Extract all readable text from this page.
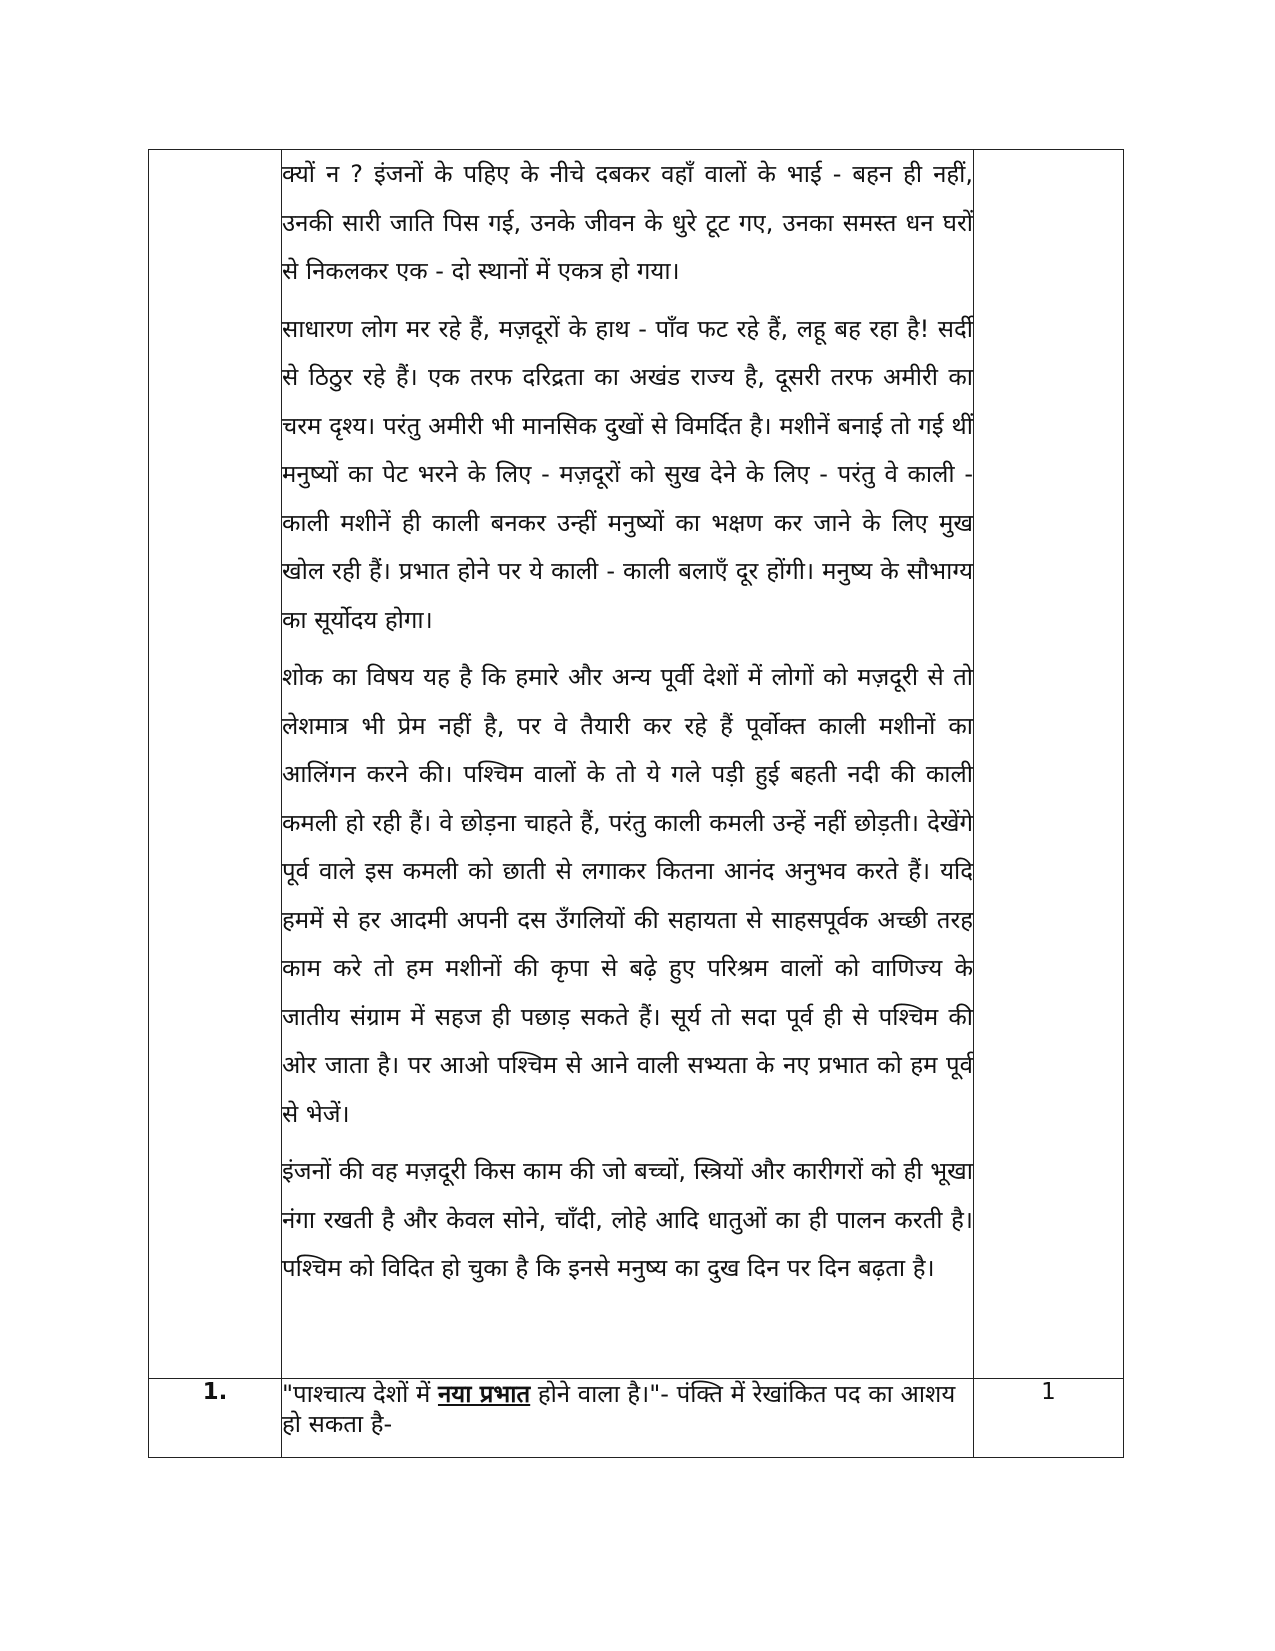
	क्यों न ? इंजनों के पहिए के नीचे दबकर वहाँ वालों के भाई - बहन ही नहीं, उनकी सारी जाति पिस गई, उनके जीवन के धुरे टूट गए, उनका समस्त धन घरों से निकलकर एक - दो स्थानों में एकत्र हो गया।

साधारण लोग मर रहे हैं, मज़दूरों के हाथ - पाँव फट रहे हैं, लहू बह रहा है! सर्दी से ठिठुर रहे हैं। एक तरफ दरिद्रता का अखंड राज्य है, दूसरी तरफ अमीरी का चरम दृश्य। परंतु अमीरी भी मानसिक दुखों से विमर्दित है। मशीनें बनाई तो गई थीं मनुष्यों का पेट भरने के लिए - मज़दूरों को सुख देने के लिए - परंतु वे काली - काली मशीनें ही काली बनकर उन्हीं मनुष्यों का भक्षण कर जाने के लिए मुख खोल रही हैं। प्रभात होने पर ये काली - काली बलाएँ दूर होंगी। मनुष्य के सौभाग्य का सूर्योदय होगा।

शोक का विषय यह है कि हमारे और अन्य पूर्वी देशों में लोगों को मज़दूरी से तो लेशमात्र भी प्रेम नहीं है, पर वे तैयारी कर रहे हैं पूर्वोक्त काली मशीनों का आलिंगन करने की। पश्चिम वालों के तो ये गले पड़ी हुई बहती नदी की काली कमली हो रही हैं। वे छोड़ना चाहते हैं, परंतु काली कमली उन्हें नहीं छोड़ती। देखेंगे पूर्व वाले इस कमली को छाती से लगाकर कितना आनंद अनुभव करते हैं। यदि हममें से हर आदमी अपनी दस उँगलियों की सहायता से साहसपूर्वक अच्छी तरह काम करे तो हम मशीनों की कृपा से बढ़े हुए परिश्रम वालों को वाणिज्य के जातीय संग्राम में सहज ही पछाड़ सकते हैं। सूर्य तो सदा पूर्व ही से पश्चिम की ओर जाता है। पर आओ पश्चिम से आने वाली सभ्यता के नए प्रभात को हम पूर्व से भेजें।

इंजनों की वह मज़दूरी किस काम की जो बच्चों, स्त्रियों और कारीगरों को ही भूखा नंगा रखती है और केवल सोने, चाँदी, लोहे आदि धातुओं का ही पालन करती है। पश्चिम को विदित हो चुका है कि इनसे मनुष्य का दुख दिन पर दिन बढ़ता है।	

1.	"पाश्चात्य देशों में नया प्रभात होने वाला है।"- पंक्ति में रेखांकित पद का आशय हो सकता है-	1
